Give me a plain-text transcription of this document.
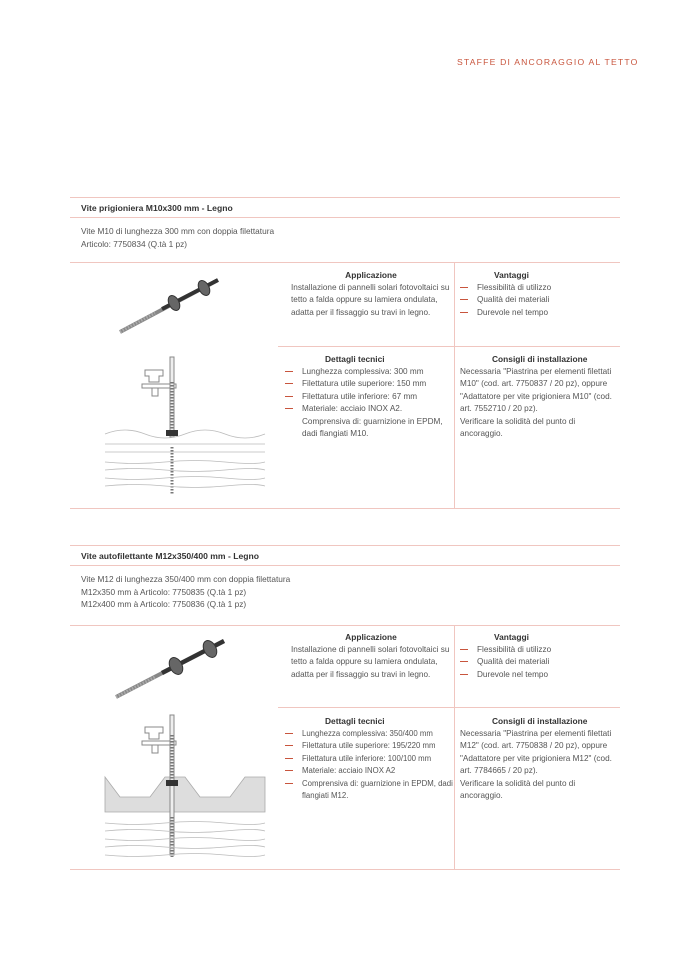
STAFFE DI ANCORAGGIO AL TETTO
Vite prigioniera M10x300 mm - Legno
Vite M10 di lunghezza 300 mm con doppia filettatura
Articolo: 7750834 (Q.tà 1 pz)
Applicazione

Installazione di pannelli solari fotovoltaici su tetto a falda oppure su lamiera ondulata, adatta per il fissaggio su travi in legno.

Vantaggi
Flessibilità di utilizzo
Qualità dei materiali
Durevole nel tempo
Dettagli tecnici
Lunghezza complessiva: 300 mm
Filettatura utile superiore: 150 mm
Filettatura utile inferiore: 67 mm
Materiale: acciaio INOX A2.
Comprensiva di: guarnizione in EPDM, dadi flangiati M10.
Consigli di installazione

Necessaria "Piastrina per elementi filettati M10" (cod. art. 7750837 / 20 pz), oppure "Adattatore per vite prigioniera M10" (cod. art. 7552710 / 20 pz).

Verificare la solidità del punto di ancoraggio.

Vite autofilettante M12x350/400 mm - Legno
Vite M12 di lunghezza 350/400 mm con doppia filettatura
M12x350 mm à Articolo: 7750835 (Q.tà 1 pz)
M12x400 mm à Articolo: 7750836 (Q.tà 1 pz)
Applicazione

Installazione di pannelli solari fotovoltaici su tetto a falda oppure su lamiera ondulata, adatta per il fissaggio su travi in legno.

Vantaggi
Flessibilità di utilizzo
Qualità dei materiali
Durevole nel tempo
Dettagli tecnici
Lunghezza complessiva: 350/400 mm
Filettatura utile superiore: 195/220 mm
Filettatura utile inferiore: 100/100 mm
Materiale: acciaio INOX A2
Comprensiva di: guarnizione in EPDM, dadi flangiati M12.
Consigli di installazione

Necessaria "Piastrina per elementi filettati M12" (cod. art. 7750838 / 20 pz), oppure "Adattatore per vite prigioniera M12" (cod. art. 7784665 / 20 pz).

Verificare la solidità del punto di ancoraggio.
